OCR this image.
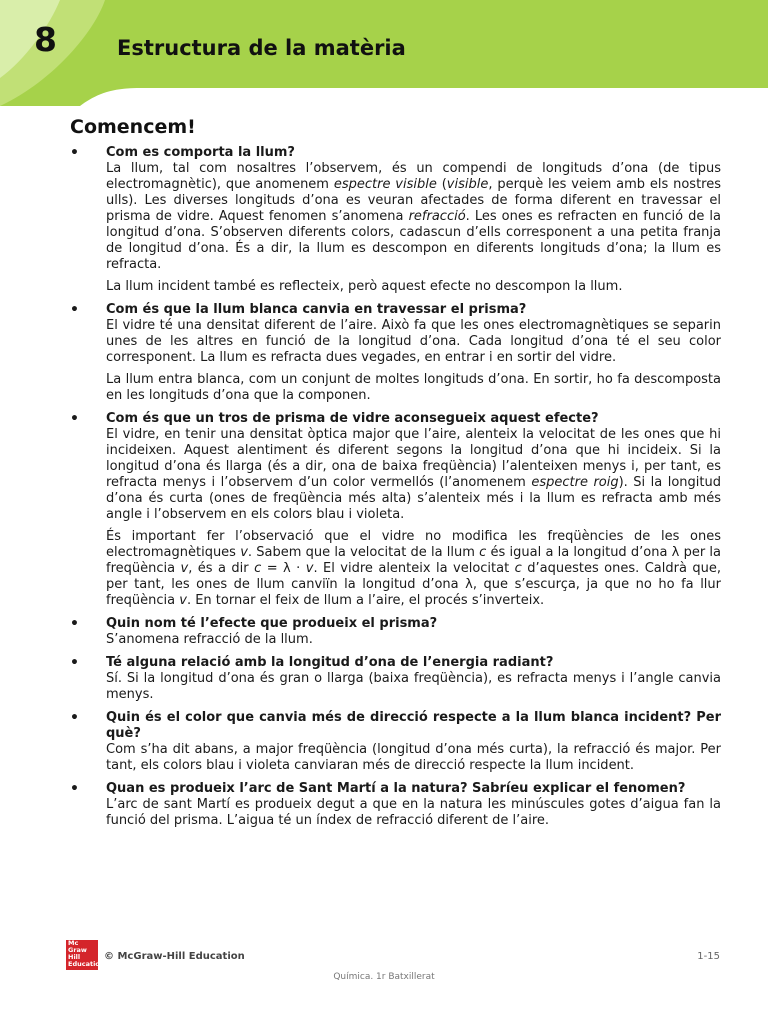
8	Estructura de la matèria
Comencem!
• Com es comporta la llum?

La llum, tal com nosaltres l’observem, és un compendi de longituds d’ona (de tipus electromagnètic), que anomenem espectre visible (visible, perquè les veiem amb els nostres ulls). Les diverses longituds d’ona es veuran afectades de forma diferent en travessar el prisma de vidre. Aquest fenomen s’anomena refracció. Les ones es refracten en funció de la longitud d’ona. S’observen diferents colors, cadascun d’ells corresponent a una petita franja de longitud d’ona. És a dir, la llum es descompon en diferents longituds d’ona; la llum es refracta.

La llum incident també es reflecteix, però aquest efecte no descompon la llum.

• Com és que la llum blanca canvia en travessar el prisma?

El vidre té una densitat diferent de l’aire. Això fa que les ones electromagnètiques se separin unes de les altres en funció de la longitud d’ona. Cada longitud d’ona té el seu color corresponent. La llum es refracta dues vegades, en entrar i en sortir del vidre.

La llum entra blanca, com un conjunt de moltes longituds d’ona. En sortir, ho fa descomposta en les longituds d’ona que la componen.

• Com és que un tros de prisma de vidre aconsegueix aquest efecte?

El vidre, en tenir una densitat òptica major que l’aire, alenteix la velocitat de les ones que hi incideixen. Aquest alentiment és diferent segons la longitud d’ona que hi incideix. Si la longitud d’ona és llarga (és a dir, ona de baixa freqüència) l’alenteixen menys i, per tant, es refracta menys i l’observem d’un color vermellós (l’anomenem espectre roig). Si la longitud d’ona és curta (ones de freqüència més alta) s’alenteix més i la llum es refracta amb més angle i l’observem en els colors blau i violeta.

És important fer l’observació que el vidre no modifica les freqüències de les ones electromagnètiques v. Sabem que la velocitat de la llum c és igual a la longitud d’ona λ per la freqüència v, és a dir c = λ · v. El vidre alenteix la velocitat c d’aquestes ones. Caldrà que, per tant, les ones de llum canviïn la longitud d’ona λ, que s’escurça, ja que no ho fa llur freqüència v. En tornar el feix de llum a l’aire, el procés s’inverteix.

• Quin nom té l’efecte que produeix el prisma?

S’anomena refracció de la llum.

• Té alguna relació amb la longitud d’ona de l’energia radiant?

Sí. Si la longitud d’ona és gran o llarga (baixa freqüència), es refracta menys i l’angle canvia menys.

• Quin és el color que canvia més de direcció respecte a la llum blanca incident? Per què?

Com s’ha dit abans, a major freqüència (longitud d’ona més curta), la refracció és major. Per tant, els colors blau i violeta canviaran més de direcció respecte la llum incident.

• Quan es produeix l’arc de Sant Martí a la natura? Sabríeu explicar el fenomen?

L’arc de sant Martí es produeix degut a que en la natura les minúscules gotes d’aigua fan la funció del prisma. L’aigua té un índex de refracció diferent de l’aire.

Mc
Graw
Hill
Education
© McGraw-Hill Education	1-15
Química. 1r Batxillerat
